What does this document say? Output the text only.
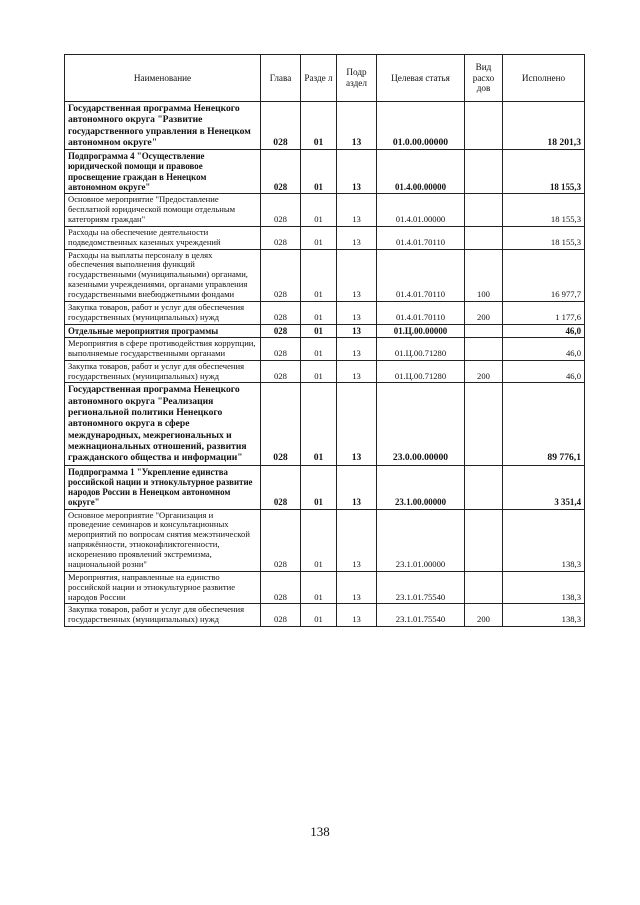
Наименование	Глава	Разде л	Подр аздел	Целевая статья	Вид расхо дов	Исполнено
Государственная программа Ненецкого автономного округа "Развитие государственного управления в Ненецком автономном округе"	028	01	13	01.0.00.00000		18 201,3
Подпрограмма 4 "Осуществление юридической помощи и правовое просвещение граждан в Ненецком автономном округе"	028	01	13	01.4.00.00000		18 155,3
Основное мероприятие "Предоставление бесплатной юридической помощи отдельным категориям граждан"	028	01	13	01.4.01.00000		18 155,3
Расходы на обеспечение деятельности подведомственных казенных учреждений	028	01	13	01.4.01.70110		18 155,3
Расходы на выплаты персоналу в целях обеспечения выполнения функций государственными (муниципальными) органами, казенными учреждениями, органами управления государственными внебюджетными фондами	028	01	13	01.4.01.70110	100	16 977,7
Закупка товаров, работ и услуг для обеспечения государственных (муниципальных) нужд	028	01	13	01.4.01.70110	200	1 177,6
Отдельные мероприятия программы	028	01	13	01.Ц.00.00000		46,0
Мероприятия в сфере противодействия коррупции, выполняемые государственными органами	028	01	13	01.Ц.00.71280		46,0
Закупка товаров, работ и услуг для обеспечения государственных (муниципальных) нужд	028	01	13	01.Ц.00.71280	200	46,0
Государственная программа Ненецкого автономного округа "Реализация региональной политики Ненецкого автономного округа в сфере международных, межрегиональных и межнациональных отношений, развития гражданского общества и информации"	028	01	13	23.0.00.00000		89 776,1
Подпрограмма 1 "Укрепление единства российской нации и этнокультурное развитие народов России в Ненецком автономном округе"	028	01	13	23.1.00.00000		3 351,4
Основное мероприятие "Организация и проведение семинаров и консультационных мероприятий по вопросам снятия межэтнической напряжённости, этноконфликтогенности, искоренению проявлений экстремизма, национальной розни"	028	01	13	23.1.01.00000		138,3
Мероприятия, направленные на единство российской нации и этнокультурное развитие народов России	028	01	13	23.1.01.75540		138,3
Закупка товаров, работ и услуг для обеспечения государственных (муниципальных) нужд	028	01	13	23.1.01.75540	200	138,3
138
